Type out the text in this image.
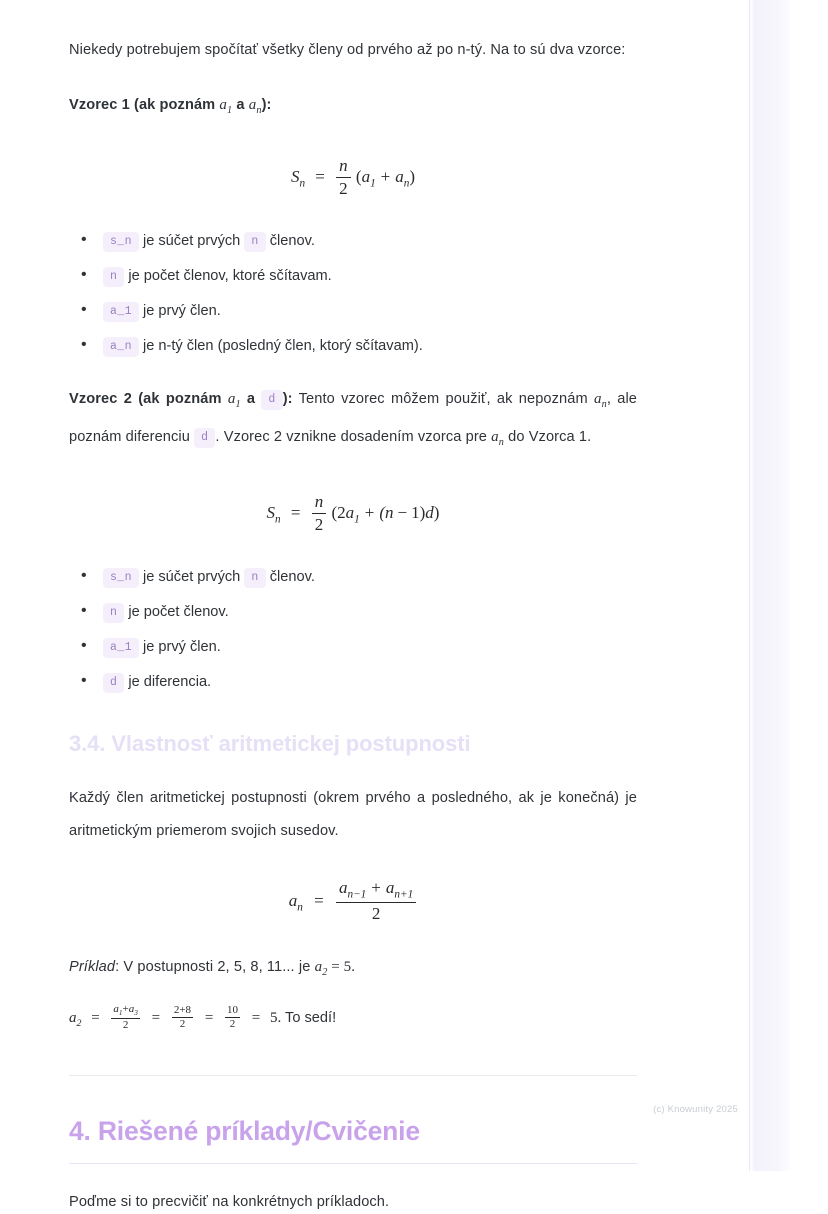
Niekedy potrebujem spočítať všetky členy od prvého až po n-tý. Na to sú dva vzorce:

Vzorec 1 (ak poznám $a_1$ a $a_n$):

$S_n = \frac{n}{2} (a_1 + a_n)$
• s_n je súčet prvých n členov.
• n je počet členov, ktoré sčítavam.
• a_1 je prvý člen.
• a_n je n-tý člen (posledný člen, ktorý sčítavam).

Vzorec 2 (ak poznám $a_1$ a d ): Tento vzorec môžem použiť, ak nepoznám $a_n$, ale poznám diferenciu d . Vzorec 2 vznikne dosadením vzorca pre $a_n$ do Vzorca 1.

$S_n = \frac{n}{2} (2a_1 + (n - 1)d)$
• s_n je súčet prvých n členov.
• n je počet členov.
• a_1 je prvý člen.
• d je diferencia.
3.4. Vlastnosť aritmetickej postupnosti

Každý člen aritmetickej postupnosti (okrem prvého a posledného, ak je konečná) je aritmetickým priemerom svojich susedov.

$a_n = \frac{a_{n-1} + a_{n+1}}{2}$

Príklad: V postupnosti 2, 5, 8, 11... je $a_2 = 5$.

$a_2 = \frac{a_1+a_3}{2} = \frac{2+8}{2} = \frac{10}{2} = 5$. To sedí!
4. Riešené príklady/Cvičenie

Poďme si to precvičiť na konkrétnych príkladoch.

(c) Knowunity 2025
